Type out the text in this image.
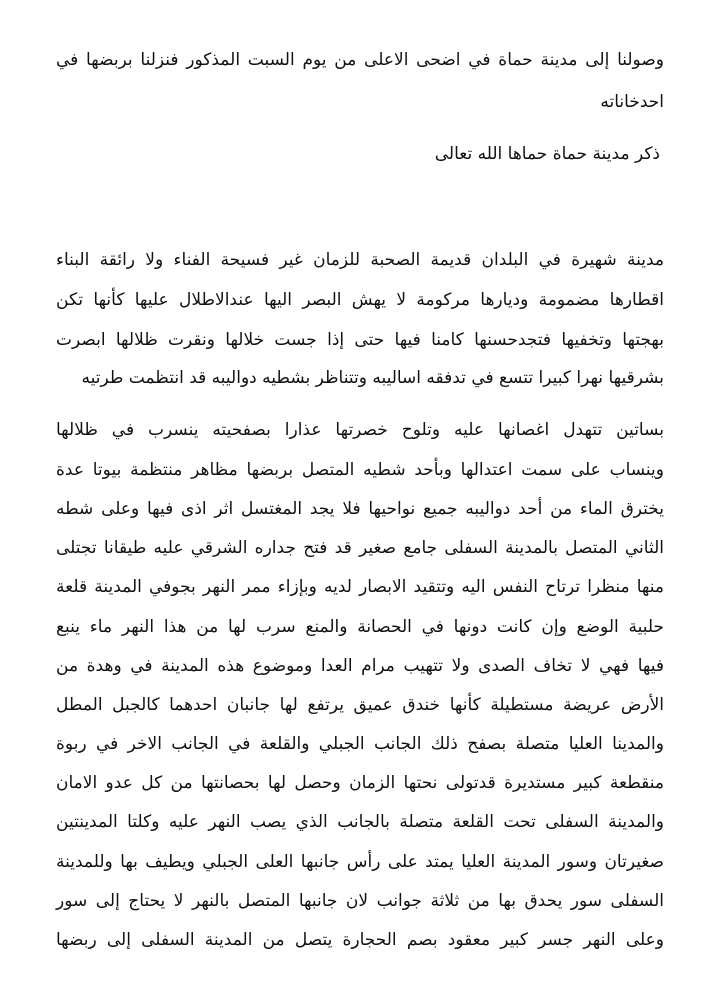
وصولنا إلى مدينة حماة في اضحى الاعلى من يوم السبت المذكور فنزلنا بربضها في
احدخاناته
ذكر مدينة حماة حماها الله تعالى
مدينة شهيرة في البلدان قديمة الصحبة للزمان غير فسيحة الفناء ولا رائقة البناء
اقطارها مضمومة وديارها مركومة لا يهش البصر اليها عندالاطلال عليها كأنها تكن
بهجتها وتخفيها فتجدحسنها كامنا فيها حتى إذا جست خلالها ونقرت ظلالها ابصرت
بشرقيها نهرا كبيرا تتسع في تدفقه اساليبه وتتناظر بشطيه دواليبه قد انتظمت طرتيه
بساتين تتهدل اغصانها عليه وتلوح خصرتها عذارا بصفحيته ينسرب في ظلالها
وينساب على سمت اعتدالها وبأحد شطيه المتصل بربضها مظاهر منتظمة بيوتا عدة
يخترق الماء من أحد دواليبه جميع نواحيها فلا يجد المغتسل اثر اذى فيها وعلى شطه
الثاني المتصل بالمدينة السفلى جامع صغير قد فتح جداره الشرقي عليه طيقانا تجتلى
منها منظرا ترتاح النفس اليه وتتقيد الابصار لديه وبإزاء ممر النهر بجوفي المدينة قلعة
حلبية الوضع وإن كانت دونها في الحصانة والمنع سرب لها من هذا النهر ماء ينبع
فيها فهي لا تخاف الصدى ولا تتهيب مرام العدا وموضوع هذه المدينة في وهدة من
الأرض عريضة مستطيلة كأنها خندق عميق يرتفع لها جانبان احدهما كالجبل المطل
والمدينا العليا متصلة بصفح ذلك الجانب الجبلي والقلعة في الجانب الاخر في ربوة
منقطعة كبير مستديرة قدتولى نحتها الزمان وحصل لها بحصانتها من كل عدو الامان
والمدينة السفلى تحت القلعة متصلة بالجانب الذي يصب النهر عليه وكلتا المدينتين
صغيرتان وسور المدينة العليا يمتد على رأس جانبها العلى الجبلي ويطيف بها وللمدينة
السفلى سور يحدق بها من ثلاثة جوانب لان جانبها المتصل بالنهر لا يحتاج إلى سور
وعلى النهر جسر كبير معقود بصم الحجارة يتصل من المدينة السفلى إلى ربضها
